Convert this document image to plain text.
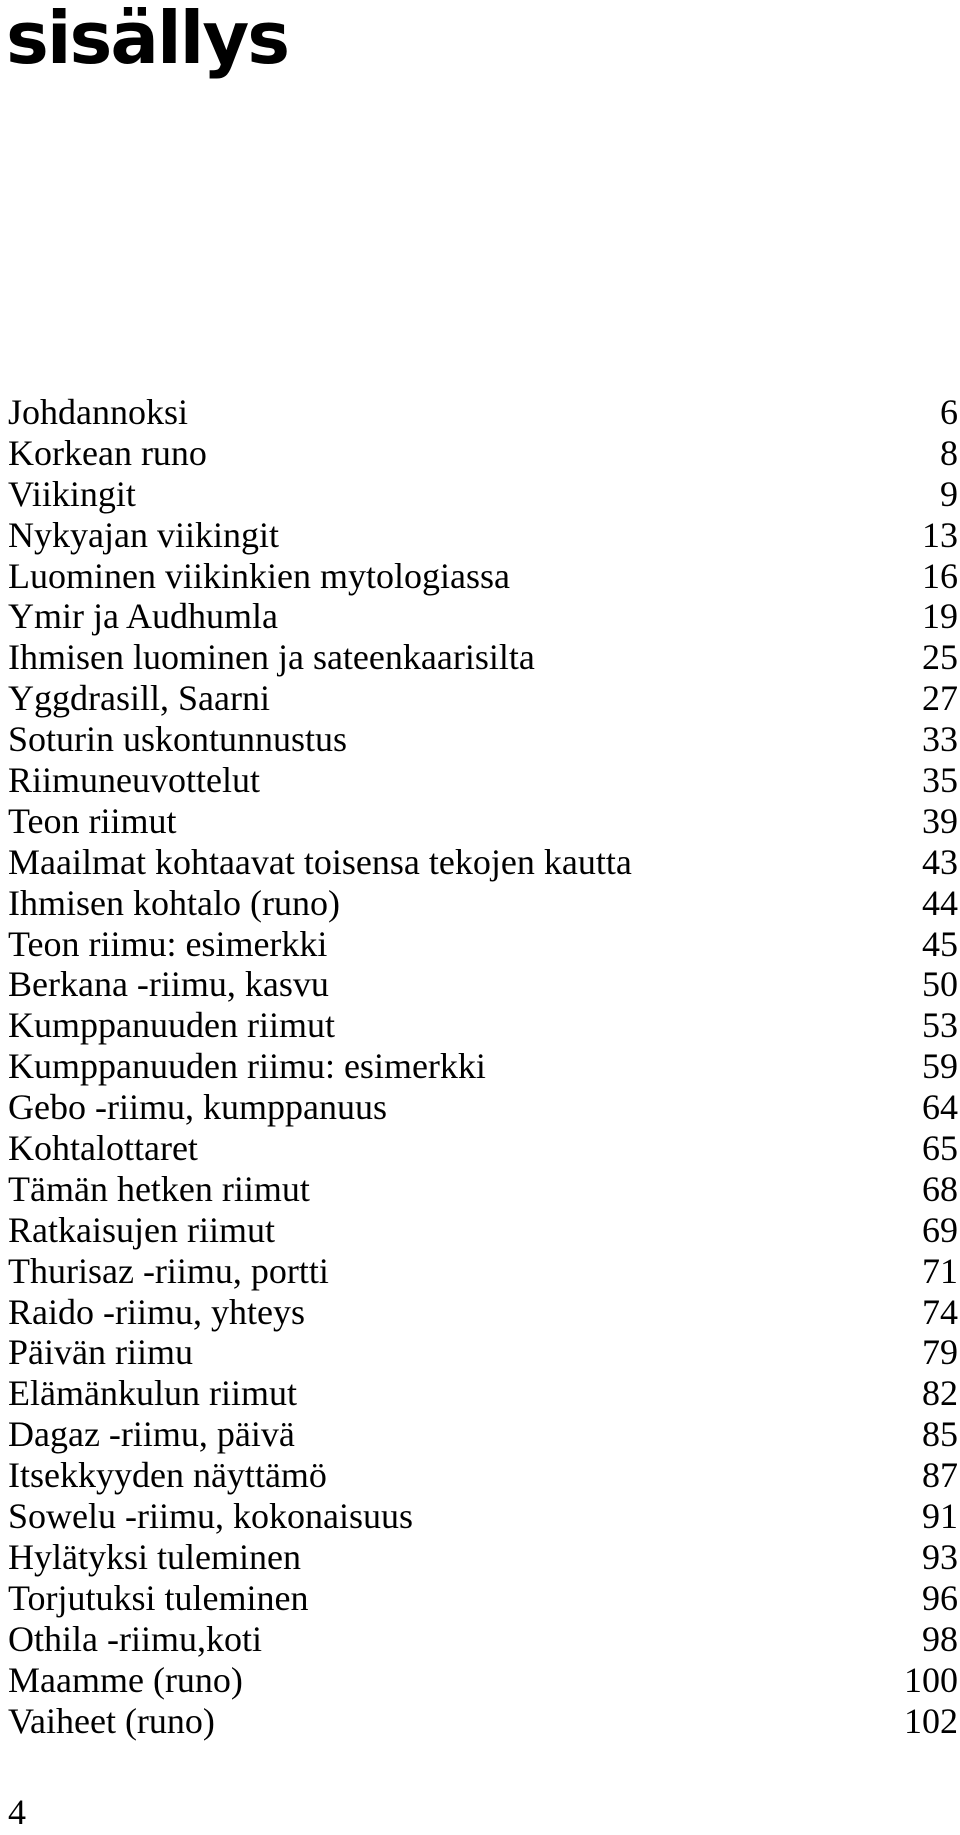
sisällys
Johdannoksi	6
Korkean runo	8
Viikingit	9
Nykyajan viikingit	13
Luominen viikinkien mytologiassa	16
Ymir ja Audhumla	19
Ihmisen luominen ja sateenkaarisilta	25
Yggdrasill, Saarni	27
Soturin uskontunnustus	33
Riimuneuvottelut	35
Teon riimut	39
Maailmat kohtaavat toisensa tekojen kautta	43
Ihmisen kohtalo (runo)	44
Teon riimu: esimerkki	45
Berkana -riimu, kasvu	50
Kumppanuuden riimut	53
Kumppanuuden riimu: esimerkki	59
Gebo -riimu, kumppanuus	64
Kohtalottaret	65
Tämän hetken riimut	68
Ratkaisujen riimut	69
Thurisaz -riimu, portti	71
Raido -riimu, yhteys	74
Päivän riimu	79
Elämänkulun riimut	82
Dagaz -riimu, päivä	85
Itsekkyyden näyttämö	87
Sowelu -riimu, kokonaisuus	91
Hylätyksi tuleminen	93
Torjutuksi tuleminen	96
Othila -riimu,koti	98
Maamme (runo)	100
Vaiheet (runo)	102
4
